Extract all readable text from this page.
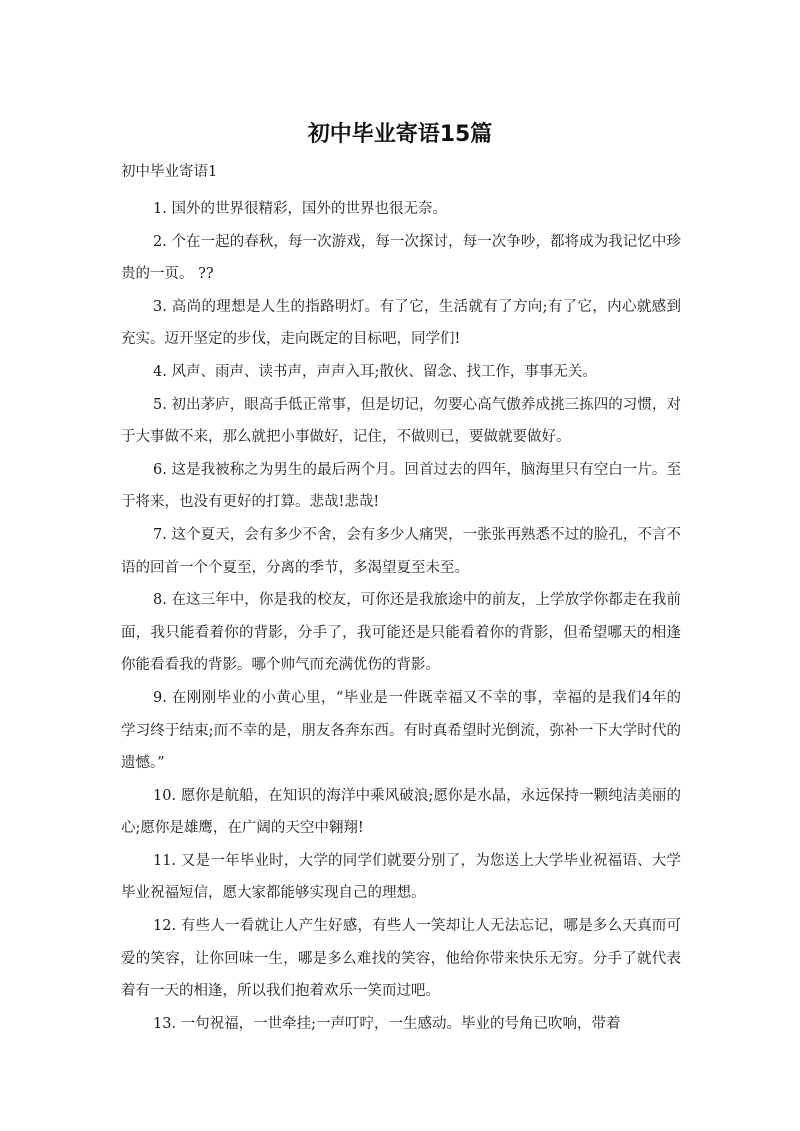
初中毕业寄语15篇
初中毕业寄语1

1. 国外的世界很精彩，国外的世界也很无奈。

2. 个在一起的春秋，每一次游戏，每一次探讨，每一次争吵，都将成为我记忆中珍贵的一页。 ??

3. 高尚的理想是人生的指路明灯。有了它，生活就有了方向;有了它，内心就感到充实。迈开坚定的步伐，走向既定的目标吧，同学们!

4. 风声、雨声、读书声，声声入耳;散伙、留念、找工作，事事无关。

5. 初出茅庐，眼高手低正常事，但是切记，勿要心高气傲养成挑三拣四的习惯，对于大事做不来，那么就把小事做好，记住，不做则已，要做就要做好。

6. 这是我被称之为男生的最后两个月。回首过去的四年，脑海里只有空白一片。至于将来，也没有更好的打算。悲哉!悲哉!

7. 这个夏天，会有多少不舍，会有多少人痛哭，一张张再熟悉不过的脸孔，不言不语的回首一个个夏至，分离的季节，多渴望夏至未至。

8. 在这三年中，你是我的校友，可你还是我旅途中的前友，上学放学你都走在我前面，我只能看着你的背影，分手了，我可能还是只能看着你的背影，但希望哪天的相逢你能看看我的背影。哪个帅气而充满优伤的背影。

9. 在刚刚毕业的小黄心里，“毕业是一件既幸福又不幸的事，幸福的是我们4年的学习终于结束;而不幸的是，朋友各奔东西。有时真希望时光倒流，弥补一下大学时代的遗憾。”

10. 愿你是航船，在知识的海洋中乘风破浪;愿你是水晶，永远保持一颗纯洁美丽的心;愿你是雄鹰，在广阔的天空中翱翔!

11. 又是一年毕业时，大学的同学们就要分别了，为您送上大学毕业祝福语、大学毕业祝福短信，愿大家都能够实现自己的理想。

12. 有些人一看就让人产生好感，有些人一笑却让人无法忘记，哪是多么天真而可爱的笑容，让你回味一生，哪是多么难找的笑容，他给你带来快乐无穷。分手了就代表着有一天的相逢，所以我们抱着欢乐一笑而过吧。

13. 一句祝福，一世牵挂;一声叮咛，一生感动。毕业的号角已吹响，带着
